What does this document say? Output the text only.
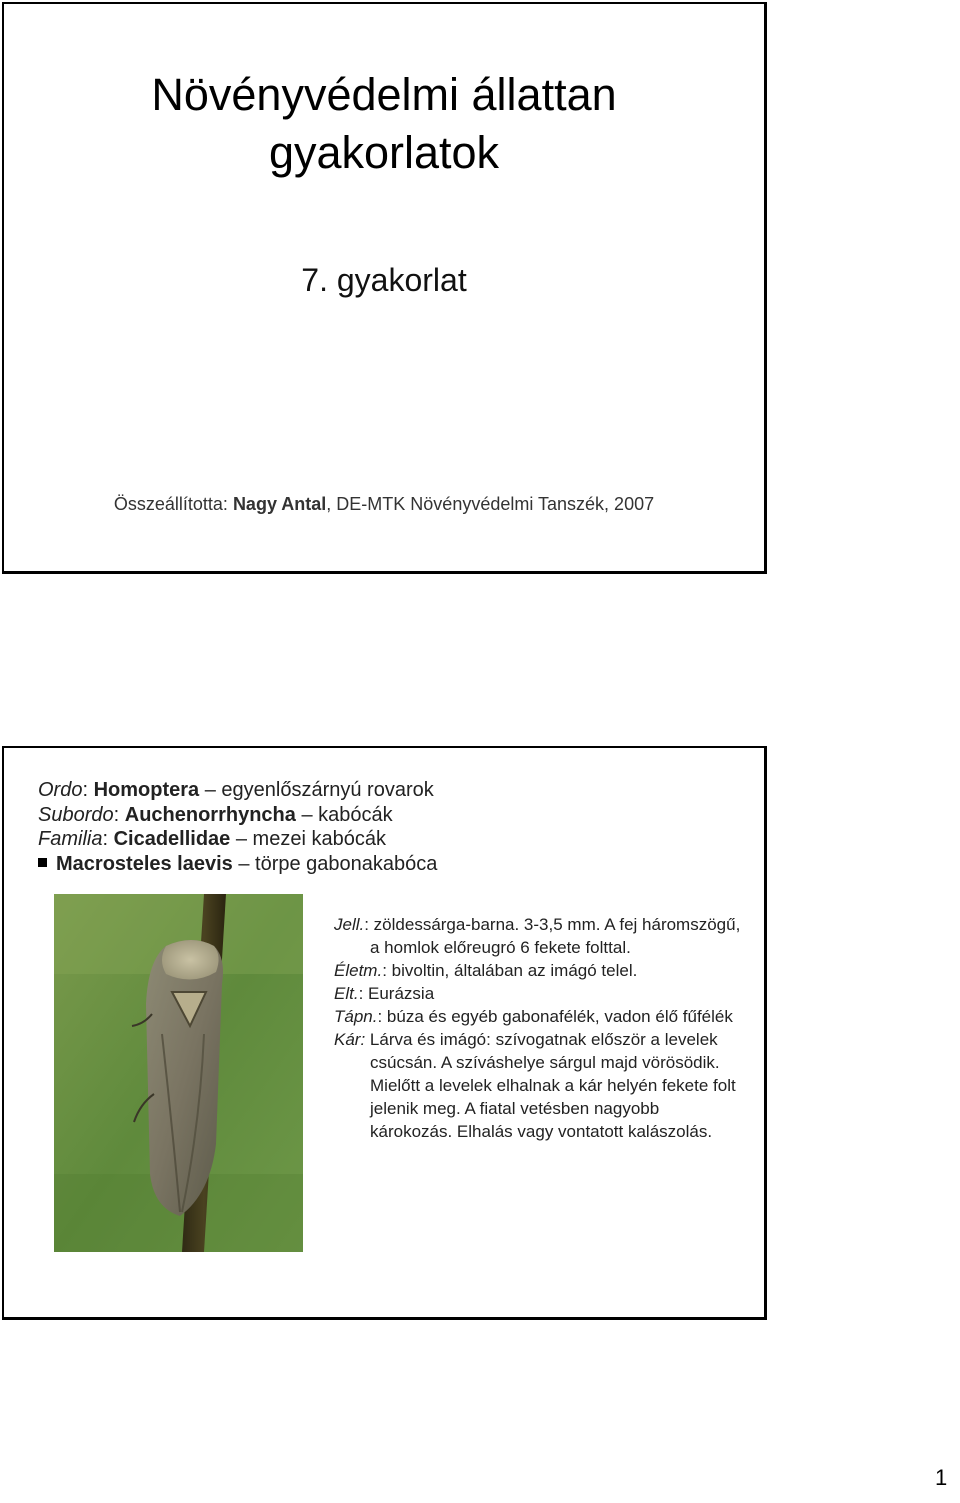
Növényvédelmi állattan
gyakorlatok
7. gyakorlat
Összeállította: Nagy Antal, DE-MTK Növényvédelmi Tanszék, 2007
Ordo: Homoptera – egyenlőszárnyú rovarok
Subordo: Auchenorrhyncha – kabócák
Familia: Cicadellidae – mezei kabócák
Macrosteles laevis – törpe gabonakabóca

Jell.: zöldessárga-barna. 3-3,5 mm. A fej háromszögű, a homlok előreugró 6 fekete folttal.

Életm.: bivoltin, általában az imágó telel.

Elt.: Eurázsia

Tápn.: búza és egyéb gabonafélék, vadon élő fűfélék

Kár: Lárva és imágó: szívogatnak először a levelek csúcsán. A szíváshelye sárgul majd vörösödik. Mielőtt a levelek elhalnak a kár helyén fekete folt jelenik meg. A fiatal vetésben nagyobb károkozás. Elhalás vagy vontatott kalászolás.

1
